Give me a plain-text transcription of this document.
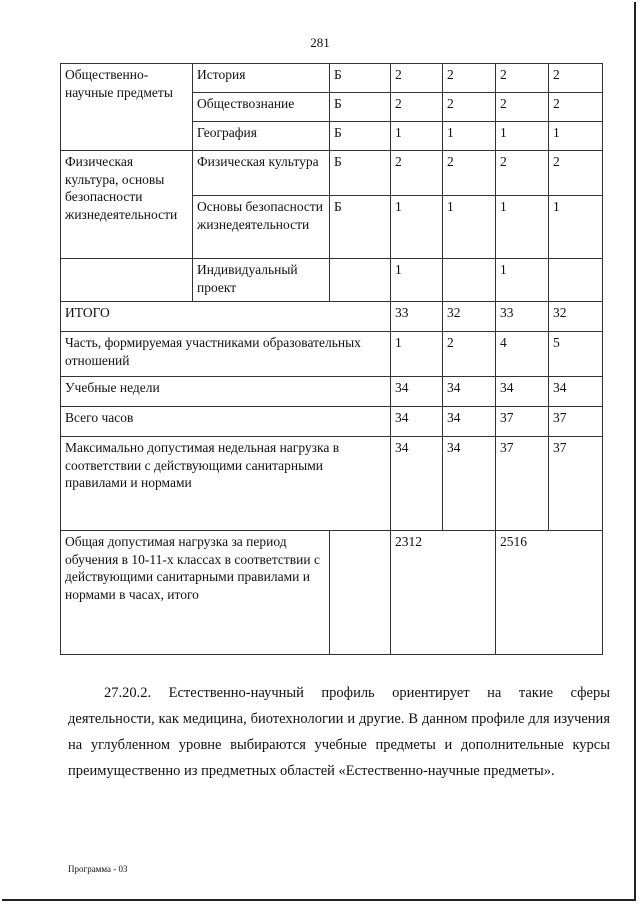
281
Общественно-научные предметы	История	Б	2	2	2	2
	Обществознание	Б	2	2	2	2
	География	Б	1	1	1	1
Физическая культура, основы безопасности жизнедеятельности	Физическая культура	Б	2	2	2	2
	Основы безопасности жизнедеятельности	Б	1	1	1	1
	Индивидуальный проект		1		1	
ИТОГО			33	32	33	32
Часть, формируемая участниками образовательных отношений			1	2	4	5
Учебные недели			34	34	34	34
Всего часов			34	34	37	37
Максимально допустимая недельная нагрузка в соответствии с действующими санитарными правилами и нормами			34	34	37	37
Общая допустимая нагрузка за период обучения в 10-11-х классах в соответствии с действующими санитарными правилами и нормами в часах, итого			2312		2516	

27.20.2. Естественно-научный профиль ориентирует на такие сферы деятельности, как медицина, биотехнологии и другие. В данном профиле для изучения на углубленном уровне выбираются учебные предметы и дополнительные курсы преимущественно из предметных областей «Естественно-научные предметы».

Программа - 03
